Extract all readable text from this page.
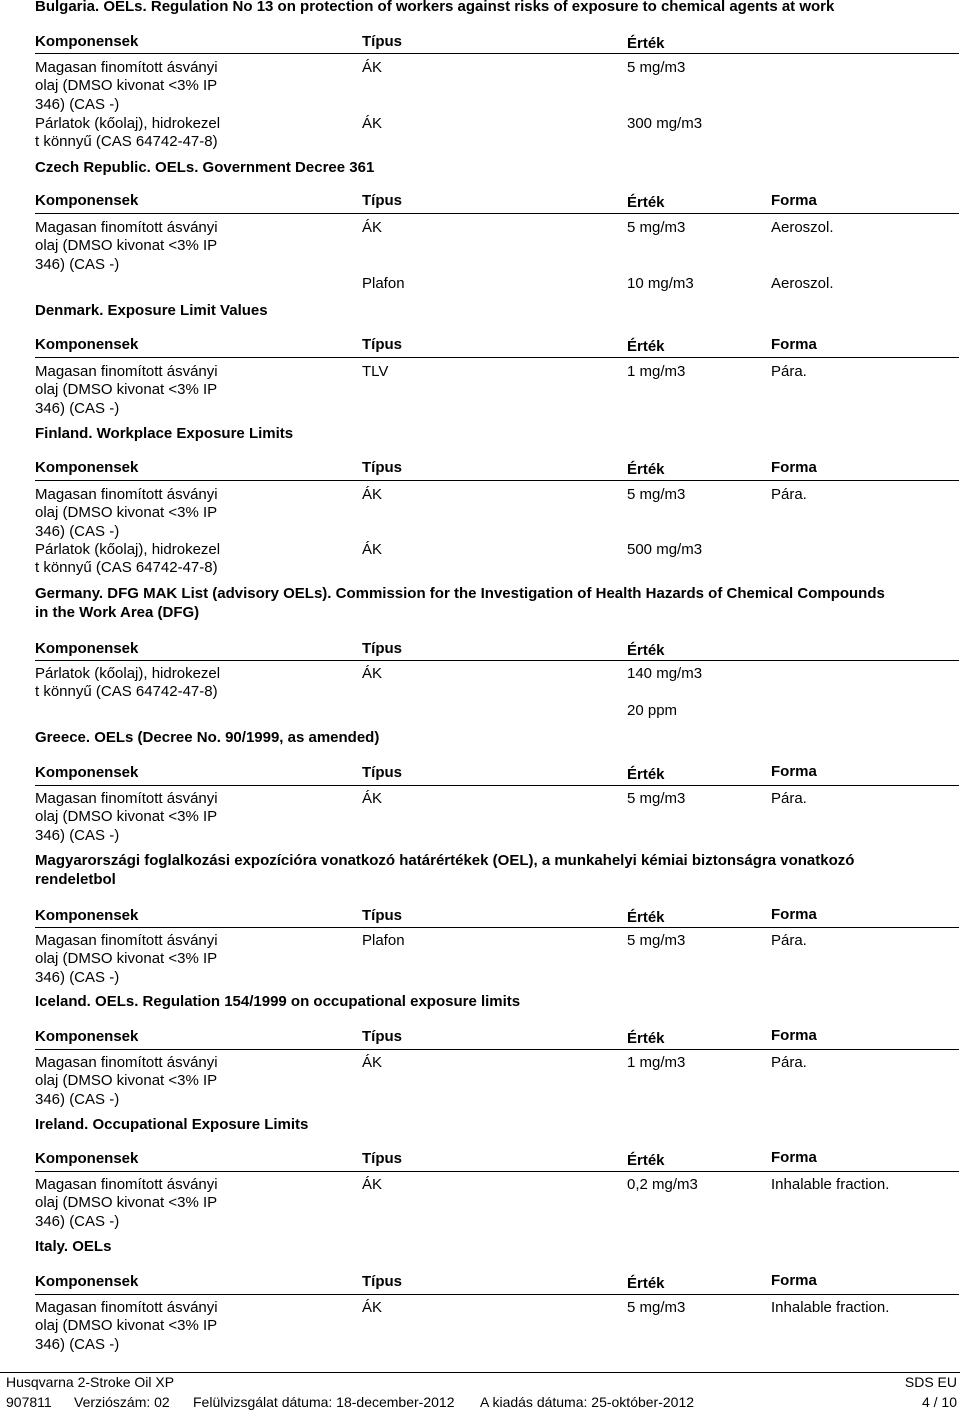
Bulgaria. OELs. Regulation No 13 on protection of workers against risks of exposure to chemical agents at work
Komponensek	Típus	Érték
Magasan finomított ásványi
olaj (DMSO kivonat <3% IP
346) (CAS -)
ÁK	5 mg/m3
Párlatok (kőolaj), hidrokezel
t könnyű (CAS 64742-47-8)
ÁK	300 mg/m3
Czech Republic. OELs. Government Decree 361
Komponensek	Típus	Érték	Forma
Magasan finomított ásványi
olaj (DMSO kivonat <3% IP
346) (CAS -)
ÁK	5 mg/m3	Aeroszol.
Plafon	10 mg/m3	Aeroszol.
Denmark. Exposure Limit Values
Komponensek	Típus	Érték	Forma
Magasan finomított ásványi
olaj (DMSO kivonat <3% IP
346) (CAS -)
TLV	1 mg/m3	Pára.
Finland. Workplace Exposure Limits
Komponensek	Típus	Érték	Forma
Magasan finomított ásványi
olaj (DMSO kivonat <3% IP
346) (CAS -)
ÁK	5 mg/m3	Pára.
Párlatok (kőolaj), hidrokezel
t könnyű (CAS 64742-47-8)
ÁK	500 mg/m3
Germany. DFG MAK List (advisory OELs). Commission for the Investigation of Health Hazards of Chemical Compounds
in the Work Area (DFG)
Komponensek	Típus	Érték
Párlatok (kőolaj), hidrokezel
t könnyű (CAS 64742-47-8)
ÁK	140 mg/m3
20 ppm
Greece. OELs (Decree No. 90/1999, as amended)
Komponensek	Típus	Érték	Forma
Magasan finomított ásványi
olaj (DMSO kivonat <3% IP
346) (CAS -)
ÁK	5 mg/m3	Pára.
Magyarországi foglalkozási expozícióra vonatkozó határértékek (OEL), a munkahelyi kémiai biztonságra vonatkozó
rendeletbol
Komponensek	Típus	Érték	Forma
Magasan finomított ásványi
olaj (DMSO kivonat <3% IP
346) (CAS -)
Plafon	5 mg/m3	Pára.
Iceland. OELs. Regulation 154/1999 on occupational exposure limits
Komponensek	Típus	Érték	Forma
Magasan finomított ásványi
olaj (DMSO kivonat <3% IP
346) (CAS -)
ÁK	1 mg/m3	Pára.
Ireland. Occupational Exposure Limits
Komponensek	Típus	Érték	Forma
Magasan finomított ásványi
olaj (DMSO kivonat <3% IP
346) (CAS -)
ÁK	0,2 mg/m3	Inhalable fraction.
Italy. OELs
Komponensek	Típus	Érték	Forma
Magasan finomított ásványi
olaj (DMSO kivonat <3% IP
346) (CAS -)
ÁK	5 mg/m3	Inhalable fraction.
Husqvarna 2-Stroke Oil XP	SDS EU
907811 Verziószám: 02 Felülvizsgálat dátuma: 18-december-2012 A kiadás dátuma: 25-október-2012	4 / 10
